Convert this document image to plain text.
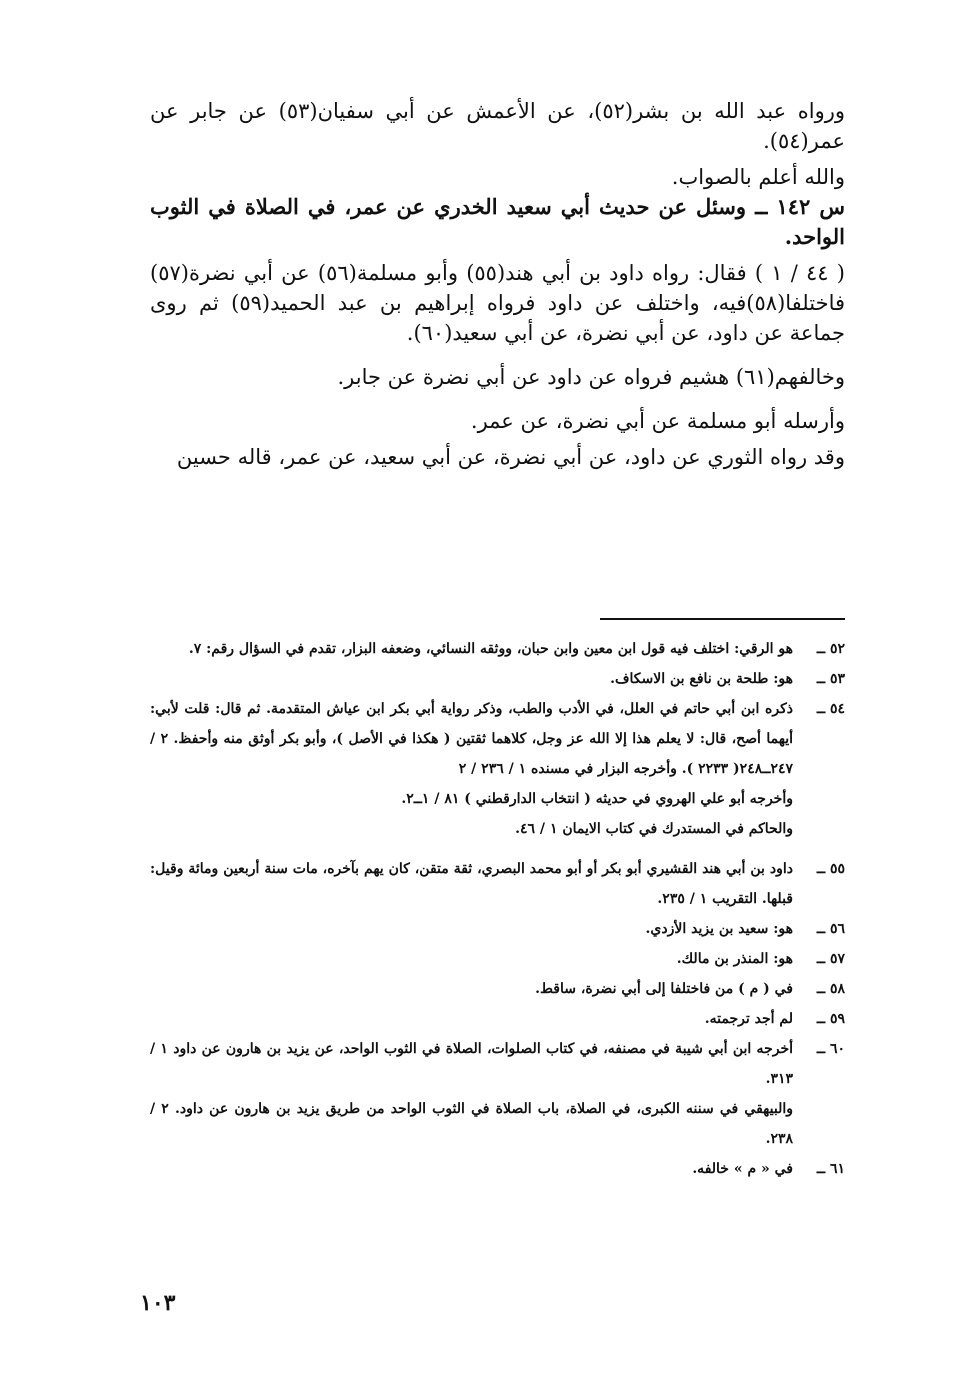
ورواه عبد الله بن بشر(٥٢)، عن الأعمش عن أبي سفيان(٥٣) عن جابر عن عمر(٥٤).

والله أعلم بالصواب.

س ١٤٢ ــ وسئل عن حديث أبي سعيد الخدري عن عمر، في الصلاة في الثوب الواحد.

( ٤٤ / ١ ) فقال: رواه داود بن أبي هند(٥٥) وأبو مسلمة(٥٦) عن أبي نضرة(٥٧) فاختلفا(٥٨)فيه، واختلف عن داود فرواه إبراهيم بن عبد الحميد(٥٩) ثم روى جماعة عن داود، عن أبي نضرة، عن أبي سعيد(٦٠).

وخالفهم(٦١) هشيم فرواه عن داود عن أبي نضرة عن جابر.

وأرسله أبو مسلمة عن أبي نضرة، عن عمر.

وقد رواه الثوري عن داود، عن أبي نضرة، عن أبي سعيد، عن عمر، قاله حسين

٥٢ ــ
هو الرقي: اختلف فيه قول ابن معين وابن حبان، ووثقه النسائي، وضعفه البزار، تقدم في السؤال رقم: ٧.
٥٣ ــ
هو: طلحة بن نافع بن الاسكاف.
٥٤ ــ
ذكره ابن أبي حاتم في العلل، في الأدب والطب، وذكر رواية أبي بكر ابن عياش المتقدمة. ثم قال: قلت لأبي: أيهما أصح، قال: لا يعلم هذا إلا الله عز وجل، كلاهما ثقتين ( هكذا في الأصل )، وأبو بكر أوثق منه وأحفظ. ٢ / ٢٤٧ــ٢٤٨( ٢٢٣٣ ). وأخرجه البزار في مسنده ١ / ٢٣٦ / ٢
وأخرجه أبو علي الهروي في حديثه ( انتخاب الدارقطني ) ٨١ / ١ــ٢.
والحاكم في المستدرك في كتاب الايمان ١ / ٤٦.
٥٥ ــ
داود بن أبي هند القشيري أبو بكر أو أبو محمد البصري، ثقة متقن، كان يهم بآخره، مات سنة أربعين ومائة وقيل: قبلها. التقريب ١ / ٢٣٥.
٥٦ ــ
هو: سعيد بن يزيد الأزدي.
٥٧ ــ
هو: المنذر بن مالك.
٥٨ ــ
في ( م ) من فاختلفا إلى أبي نضرة، ساقط.
٥٩ ــ
لم أجد ترجمته.
٦٠ ــ
أخرجه ابن أبي شيبة في مصنفه، في كتاب الصلوات، الصلاة في الثوب الواحد، عن يزيد بن هارون عن داود ١ / ٣١٣.
والبيهقي في سننه الكبرى، في الصلاة، باب الصلاة في الثوب الواحد من طريق يزيد بن هارون عن داود. ٢ / ٢٣٨.
٦١ ــ
في « م » خالفه.
١٠٣
